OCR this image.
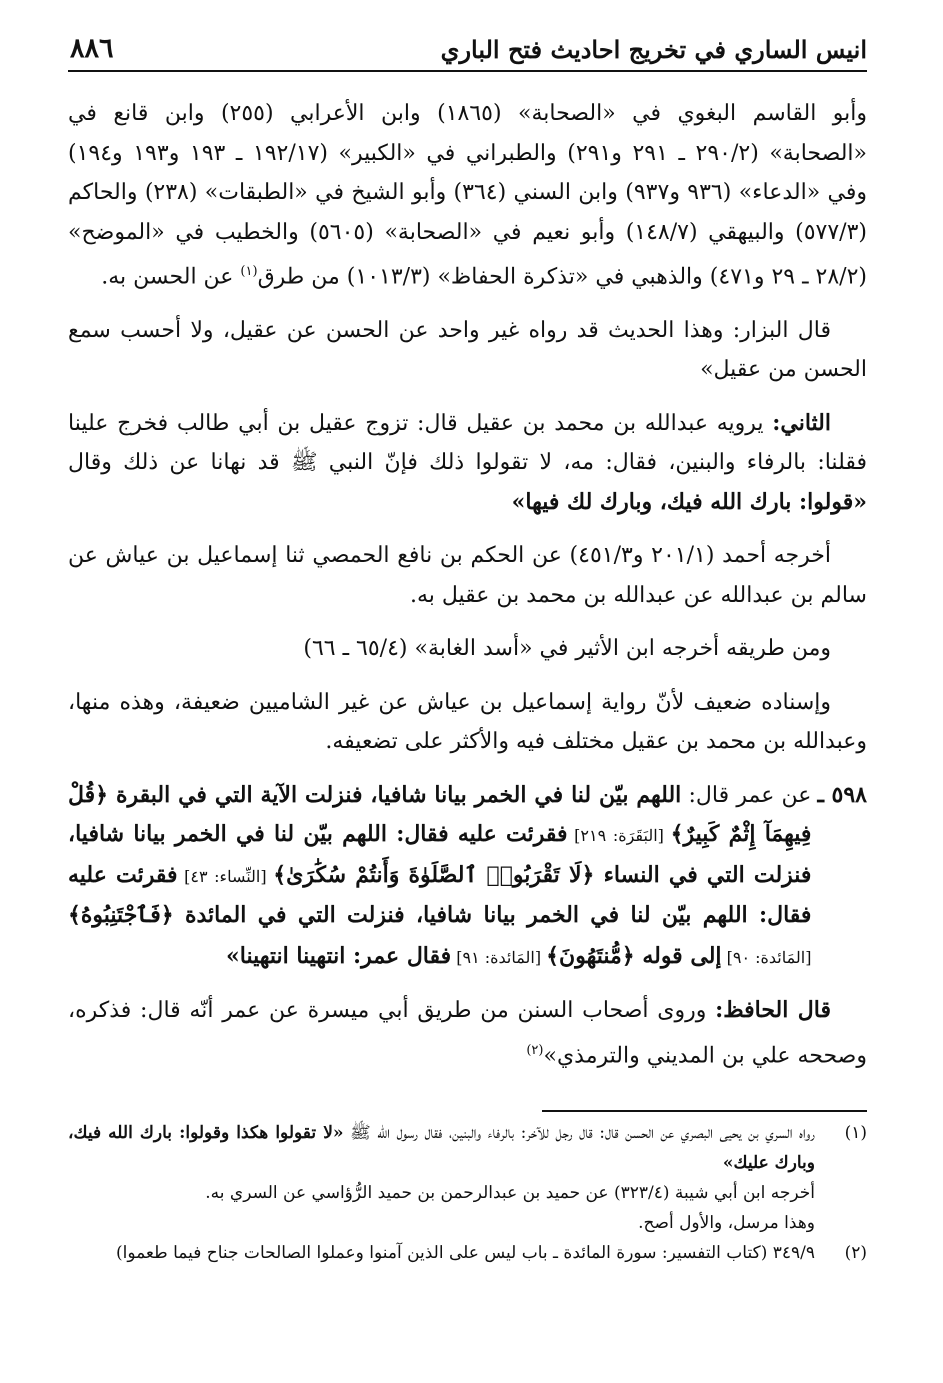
٨٨٦	انيس الساري في تخريج احاديث فتح الباري

وأبو القاسم البغوي في «الصحابة» (١٨٦٥) وابن الأعرابي (٢٥٥) وابن قانع في «الصحابة» (٢٩٠/٢ ـ ٢٩١ و٢٩١) والطبراني في «الكبير» (١٩٢/١٧ ـ ١٩٣ و١٩٣ و١٩٤) وفي «الدعاء» (٩٣٦ و٩٣٧) وابن السني (٣٦٤) وأبو الشيخ في «الطبقات» (٢٣٨) والحاكم (٥٧٧/٣) والبيهقي (١٤٨/٧) وأبو نعيم في «الصحابة» (٥٦٠٥) والخطيب في «الموضح» (٢٨/٢ ـ ٢٩ و٤٧١) والذهبي في «تذكرة الحفاظ» (١٠١٣/٣) من طرق$^{(١)}$ عن الحسن به.

قال البزار: وهذا الحديث قد رواه غير واحد عن الحسن عن عقيل، ولا أحسب سمع الحسن من عقيل»

الثاني: يرويه عبدالله بن محمد بن عقيل قال: تزوج عقيل بن أبي طالب فخرج علينا فقلنا: بالرفاء والبنين، فقال: مه، لا تقولوا ذلك فإنّ النبي ﷺ قد نهانا عن ذلك وقال «قولوا: بارك الله فيك، وبارك لك فيها»

أخرجه أحمد (٢٠١/١ و٤٥١/٣) عن الحكم بن نافع الحمصي ثنا إسماعيل بن عياش عن سالم بن عبدالله عن عبدالله بن محمد بن عقيل به.

ومن طريقه أخرجه ابن الأثير في «أسد الغابة» (٦٥/٤ ـ ٦٦)

وإسناده ضعيف لأنّ رواية إسماعيل بن عياش عن غير الشاميين ضعيفة، وهذه منها، وعبدالله بن محمد بن عقيل مختلف فيه والأكثر على تضعيفه.

٥٩٨ ـ
عن عمر قال: اللهم بيّن لنا في الخمر بيانا شافيا، فنزلت الآية التي في البقرة ﴿قُلْ فِيهِمَآ إِثْمٌ كَبِيرٌ﴾ [البَقَرَة: ٢١٩] فقرئت عليه فقال: اللهم بيّن لنا في الخمر بيانا شافيا، فنزلت التي في النساء ﴿لَا تَقْرَبُوا۟ ٱلصَّلَوٰةَ وَأَنتُمْ سُكَٰرَىٰ﴾ [النِّساء: ٤٣] فقرئت عليه فقال: اللهم بيّن لنا في الخمر بيانا شافيا، فنزلت التي في المائدة ﴿فَٱجْتَنِبُوهُ﴾ [المَائدة: ٩٠] إلى قوله ﴿مُّنتَهُونَ﴾ [المَائدة: ٩١] فقال عمر: انتهينا انتهينا»

قال الحافظ: وروى أصحاب السنن من طريق أبي ميسرة عن عمر أنّه قال: فذكره، وصححه علي بن المديني والترمذي»$^{(٢)}$

(١)
رواه السري بن يحيى البصري عن الحسن قال: قال رجل للآخر: بالرفاء والبنين، فقال رسول الله ﷺ «لا تقولوا هكذا وقولوا: بارك الله فيك، وبارك عليك»
أخرجه ابن أبي شيبة (٣٢٣/٤) عن حميد بن عبدالرحمن بن حميد الرُّؤاسي عن السري به.
وهذا مرسل، والأول أصح.
(٢)
٣٤٩/٩ (كتاب التفسير: سورة المائدة ـ باب ليس على الذين آمنوا وعملوا الصالحات جناح فيما طعموا)
